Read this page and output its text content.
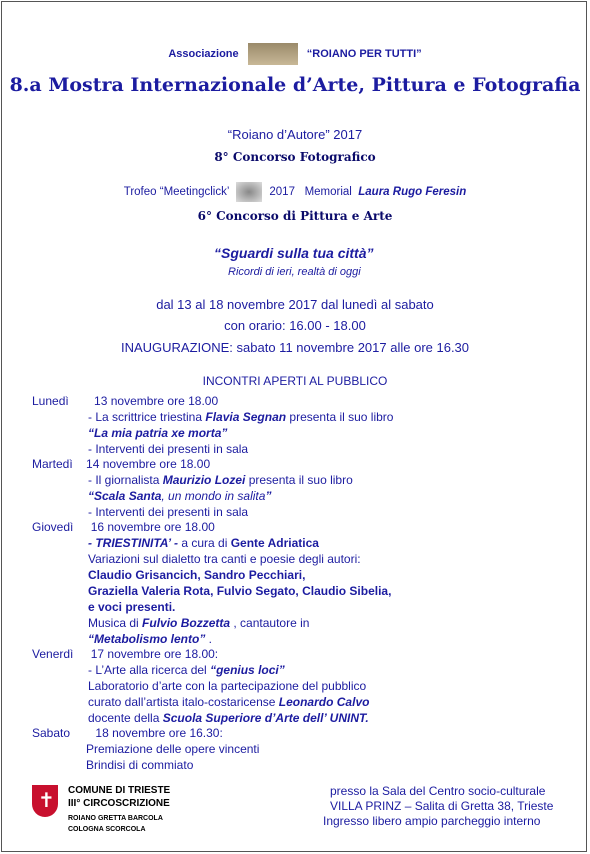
Associazione	“ROIANO PER TUTTI”
8.a Mostra Internazionale d’Arte, Pittura e Fotografia
“Roiano d’Autore” 2017
8° Concorso Fotografico
Trofeo “Meetingclick’	2017 Memorial Laura Rugo Feresin
6° Concorso di Pittura e Arte
“Sguardi sulla tua città”
Ricordi di ieri, realtà di oggi
dal 13 al 18 novembre 2017 dal lunedì al sabato
con orario: 16.00 - 18.00
INAUGURAZIONE: sabato 11 novembre 2017 alle ore 16.30
INCONTRI APERTI AL PUBBLICO
Lunedì 13 novembre ore 18.00
- La scrittrice triestina Flavia Segnan presenta il suo libro
“La mia patria xe morta”
- Interventi dei presenti in sala
Martedì 14 novembre ore 18.00
- Il giornalista Maurizio Lozei presenta il suo libro
“Scala Santa, un mondo in salita”
- Interventi dei presenti in sala
Giovedì 16 novembre ore 18.00
- TRIESTINITA’ - a cura di Gente Adriatica
Variazioni sul dialetto tra canti e poesie degli autori:
Claudio Grisancich, Sandro Pecchiari,
Graziella Valeria Rota, Fulvio Segato, Claudio Sibelia,
e voci presenti.
Musica di Fulvio Bozzetta , cantautore in
“Metabolismo lento” .
Venerdì 17 novembre ore 18.00:
- L’Arte alla ricerca del “genius loci”
Laboratorio d’arte con la partecipazione del pubblico
curato dall’artista italo-costaricense Leonardo Calvo
docente della Scuola Superiore d’Arte dell’ UNINT.
Sabato 18 novembre ore 16.30:
Premiazione delle opere vincenti
Brindisi di commiato
✝
COMUNE DI TRIESTE
III° CIRCOSCRIZIONE
ROIANO GRETTA BARCOLA
COLOGNA SCORCOLA
presso la Sala del Centro socio-culturale
VILLA PRINZ – Salita di Gretta 38, Trieste
Ingresso libero ampio parcheggio interno
